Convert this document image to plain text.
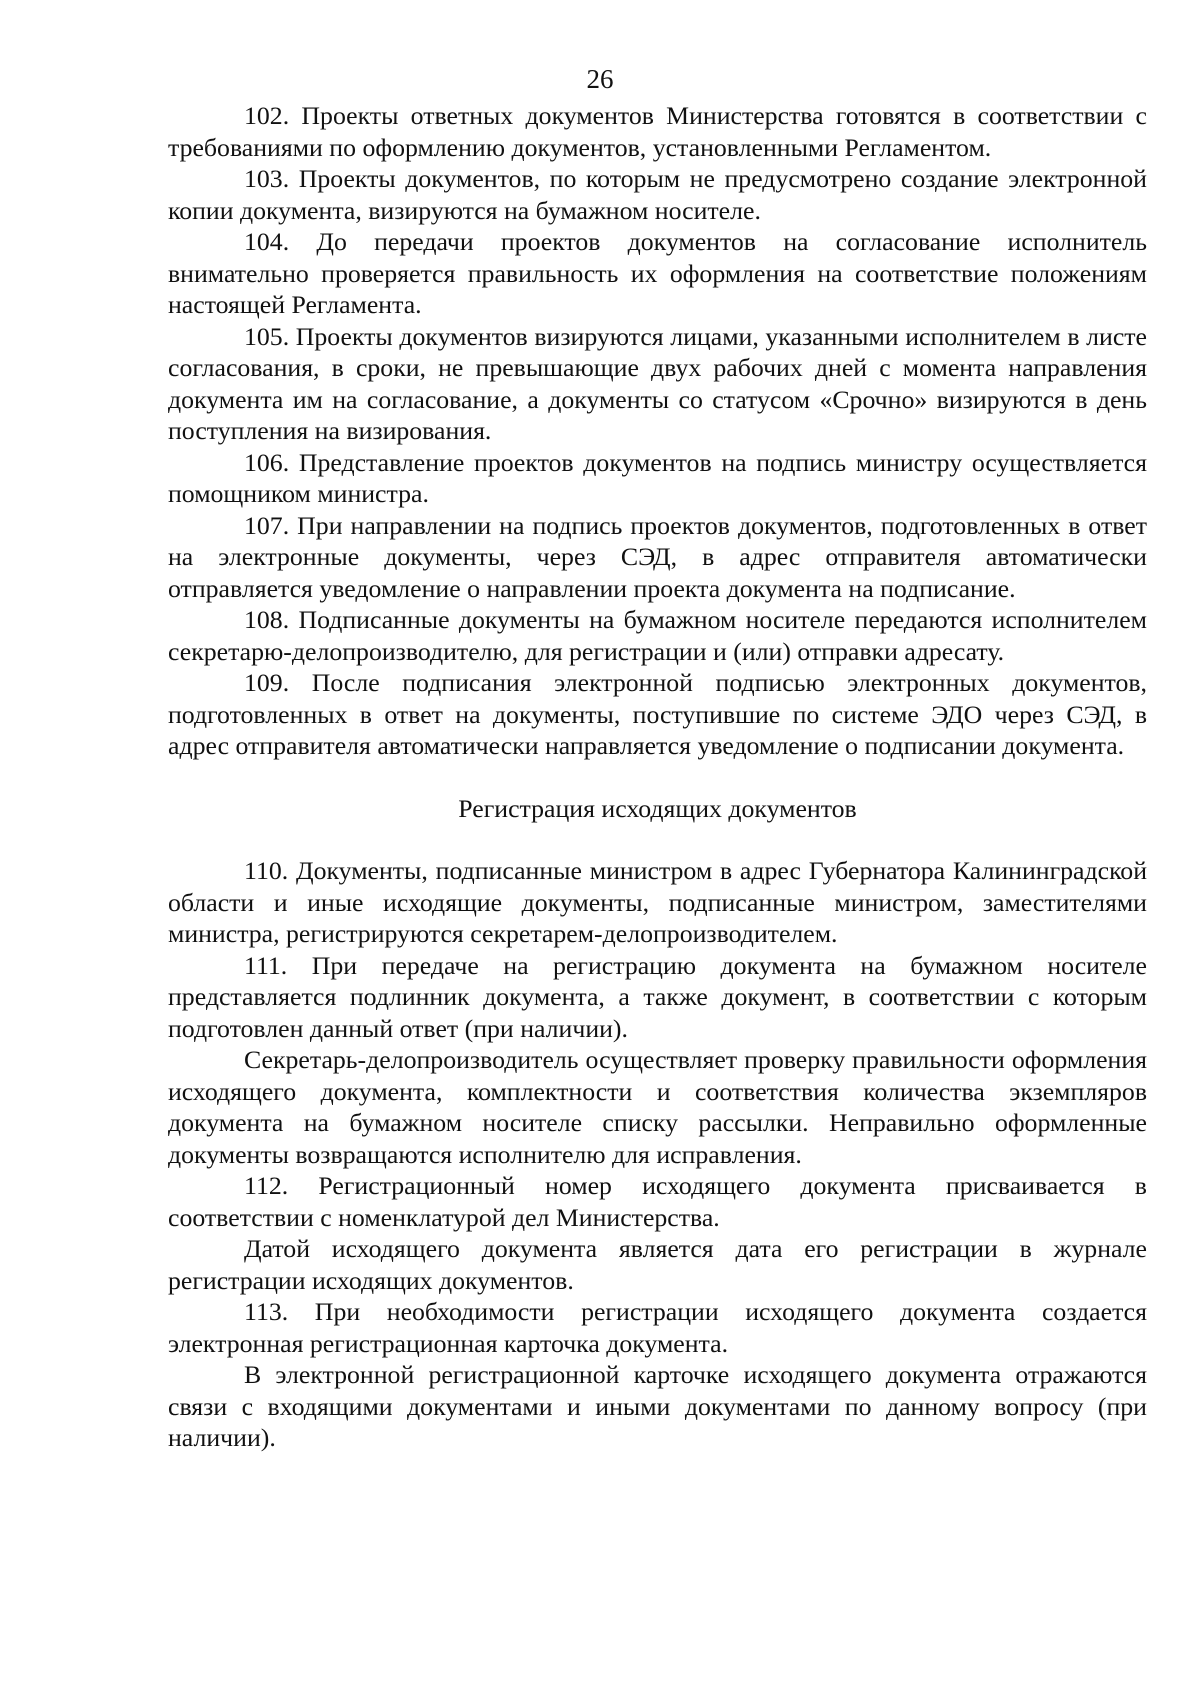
26

102. Проекты ответных документов Министерства готовятся в соответствии с требованиями по оформлению документов, установленными Регламентом.

103. Проекты документов, по которым не предусмотрено создание электронной копии документа, визируются на бумажном носителе.

104. До передачи проектов документов на согласование исполнитель внимательно проверяется правильность их оформления на соответствие положениям настоящей Регламента.

105. Проекты документов визируются лицами, указанными исполнителем в листе согласования, в сроки, не превышающие двух рабочих дней с момента направления документа им на согласование, а документы со статусом «Срочно» визируются в день поступления на визирования.

106. Представление проектов документов на подпись министру осуществляется помощником министра.

107. При направлении на подпись проектов документов, подготовленных в ответ на электронные документы, через СЭД, в адрес отправителя автоматически отправляется уведомление о направлении проекта документа на подписание.

108. Подписанные документы на бумажном носителе передаются исполнителем секретарю-делопроизводителю, для регистрации и (или) отправки адресату.

109. После подписания электронной подписью электронных документов, подготовленных в ответ на документы, поступившие по системе ЭДО через СЭД, в адрес отправителя автоматически направляется уведомление о подписании документа.

Регистрация исходящих документов

110. Документы, подписанные министром в адрес Губернатора Калининградской области и иные исходящие документы, подписанные министром, заместителями министра, регистрируются секретарем-делопроизводителем.

111. При передаче на регистрацию документа на бумажном носителе представляется подлинник документа, а также документ, в соответствии с которым подготовлен данный ответ (при наличии).

Секретарь-делопроизводитель осуществляет проверку правильности оформления исходящего документа, комплектности и соответствия количества экземпляров документа на бумажном носителе списку рассылки. Неправильно оформленные документы возвращаются исполнителю для исправления.

112. Регистрационный номер исходящего документа присваивается в соответствии с номенклатурой дел Министерства.

Датой исходящего документа является дата его регистрации в журнале регистрации исходящих документов.

113. При необходимости регистрации исходящего документа создается электронная регистрационная карточка документа.

В электронной регистрационной карточке исходящего документа отражаются связи с входящими документами и иными документами по данному вопросу (при наличии).
